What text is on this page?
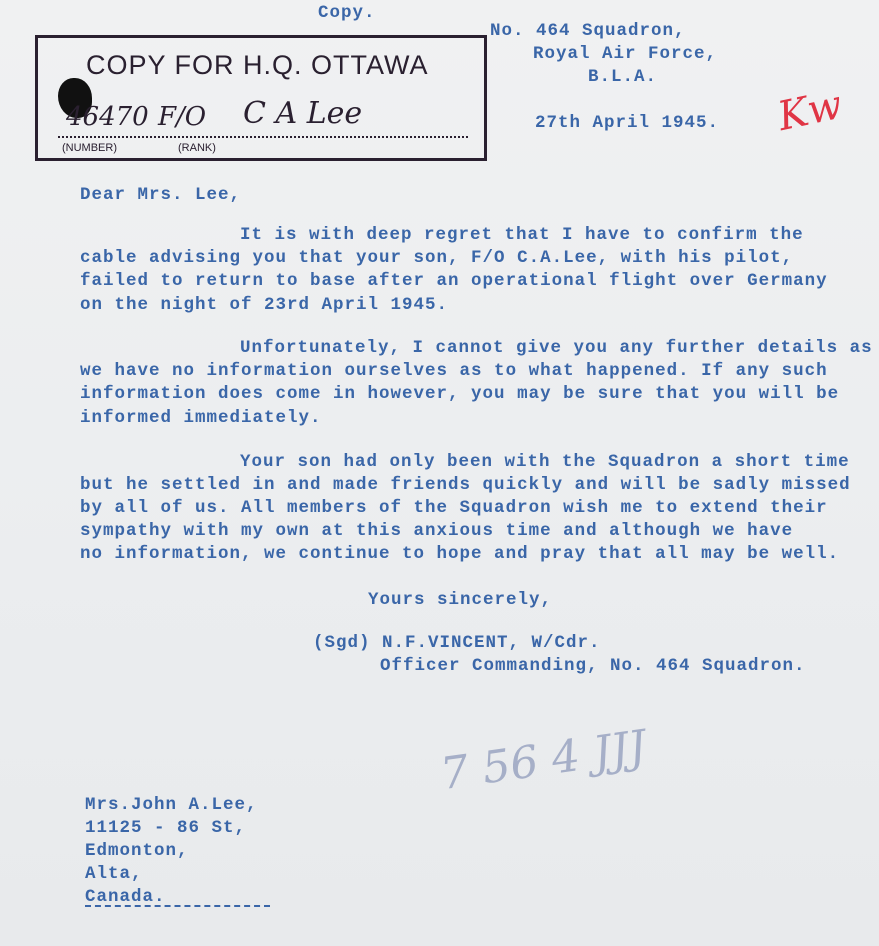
Copy.
COPY FOR H.Q. OTTAWA
46470 F/O C A Lee
(NUMBER)	(RANK)
No. 464 Squadron,
Royal Air Force,
B.L.A.
27th April 1945. Kw
Dear Mrs. Lee,
It is with deep regret that I have to confirm the
cable advising you that your son, F/O C.A.Lee, with his pilot,
failed to return to base after an operational flight over Germany
on the night of 23rd April 1945.
Unfortunately, I cannot give you any further details as
we have no information ourselves as to what happened. If any such
information does come in however, you may be sure that you will be
informed immediately.
Your son had only been with the Squadron a short time
but he settled in and made friends quickly and will be sadly missed
by all of us. All members of the Squadron wish me to extend their
sympathy with my own at this anxious time and although we have
no information, we continue to hope and pray that all may be well.
Yours sincerely,
(Sgd) N.F.VINCENT, W/Cdr.
Officer Commanding, No. 464 Squadron.
Mrs.John A.Lee,
11125 - 86 St,
Edmonton,
Alta,
Canada.
7 56 4 JJJ
